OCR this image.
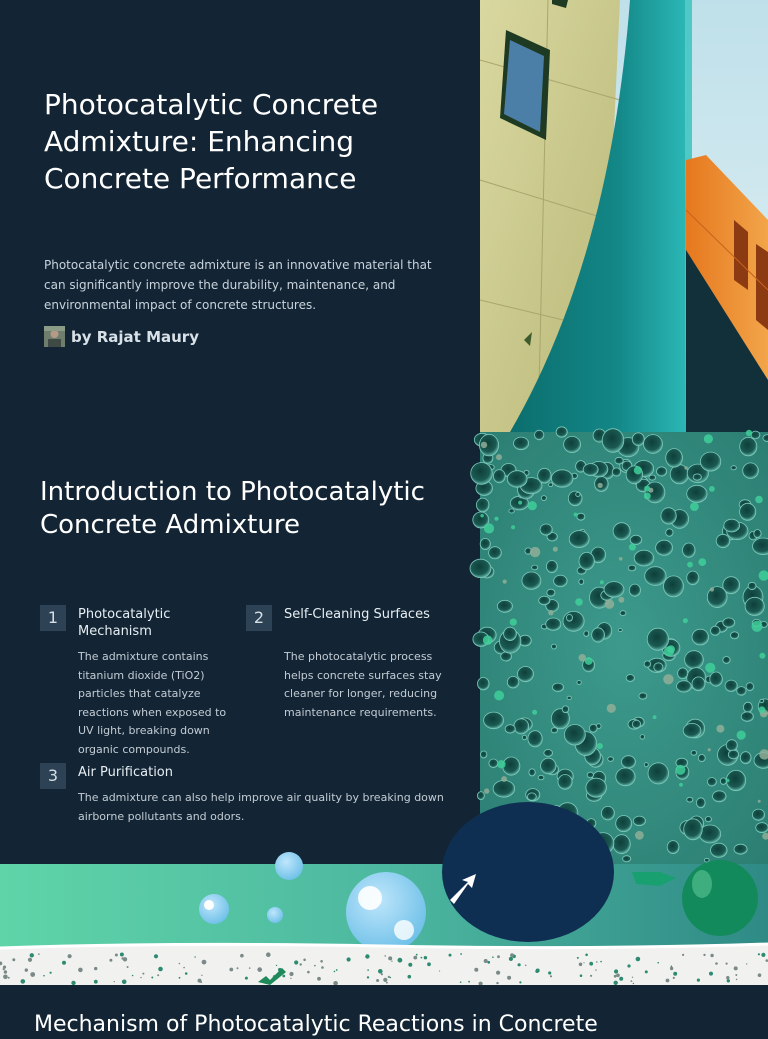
Photocatalytic Concrete Admixture: Enhancing Concrete Performance

Photocatalytic concrete admixture is an innovative material that can significantly improve the durability, maintenance, and environmental impact of concrete structures.

by Rajat Maury
Introduction to Photocatalytic Concrete Admixture
1	Photocatalytic Mechanism

The admixture contains titanium dioxide (TiO2) particles that catalyze reactions when exposed to UV light, breaking down organic compounds.

2	Self-Cleaning Surfaces

The photocatalytic process helps concrete surfaces stay cleaner for longer, reducing maintenance requirements.

3	Air Purification

The admixture can also help improve air quality by breaking down airborne pollutants and odors.

Mechanism of Photocatalytic Reactions in Concrete
